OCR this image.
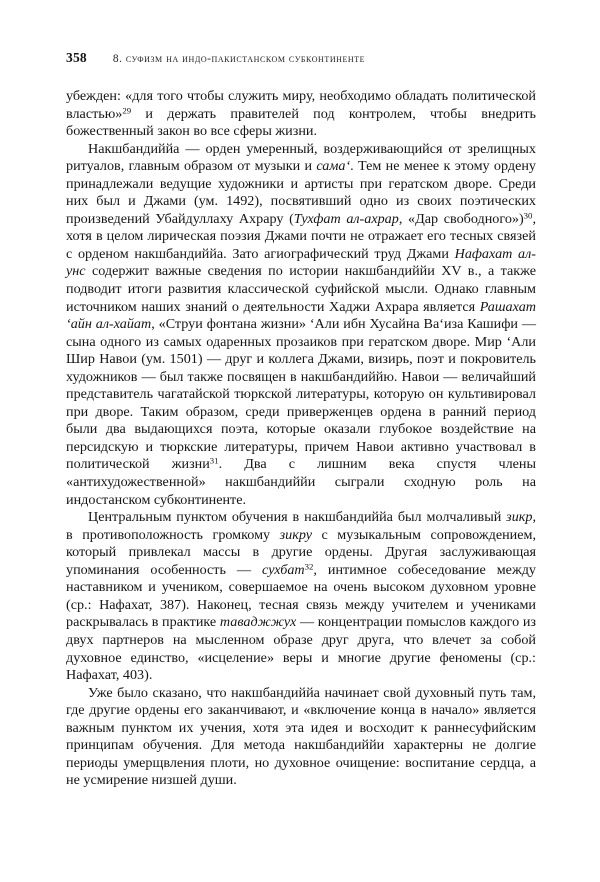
358 8. суфизм на индо-пакистанском субконтиненте

убежден: «для того чтобы служить миру, необходимо обладать политической властью»$^{29}$ и держать правителей под контролем, чтобы внедрить божественный закон во все сферы жизни.

Накшбандиййа — орден умеренный, воздерживающийся от зрелищных ритуалов, главным образом от музыки и сама‘. Тем не менее к этому ордену принадлежали ведущие художники и артисты при гератском дворе. Среди них был и Джами (ум. 1492), посвятивший одно из своих поэтических произведений Убайдуллаху Ахрару (Тухфат ал-ахрар, «Дар свободного»)$^{30}$, хотя в целом лирическая поэзия Джами почти не отражает его тесных связей с орденом накшбандиййа. Зато агиографический труд Джами Нафахат ал-унс содержит важные сведения по истории накшбандиййи XV в., а также подводит итоги развития классической суфийской мысли. Однако главным источником наших знаний о деятельности Хаджи Ахрара является Рашахат ‘айн ал-хайат, «Струи фонтана жизни» ‘Али ибн Хусайна Ва‘иза Кашифи — сына одного из самых одаренных прозаиков при гератском дворе. Мир ‘Али Шир Навои (ум. 1501) — друг и коллега Джами, визирь, поэт и покровитель художников — был также посвящен в накшбандиййю. Навои — величайший представитель чагатайской тюркской литературы, которую он культивировал при дворе. Таким образом, среди приверженцев ордена в ранний период были два выдающихся поэта, которые оказали глубокое воздействие на персидскую и тюркские литературы, причем Навои активно участвовал в политической жизни$^{31}$. Два с лишним века спустя члены «антихудожественной» накшбандиййи сыграли сходную роль на индостанском субконтиненте.

Центральным пунктом обучения в накшбандиййа был молчаливый зикр, в противоположность громкому зикру с музыкальным сопровождением, который привлекал массы в другие ордены. Другая заслуживающая упоминания особенность — сухбат$^{32}$, интимное собеседование между наставником и учеником, совершаемое на очень высоком духовном уровне (ср.: Нафахат, 387). Наконец, тесная связь между учителем и учениками раскрывалась в практике таваджжух — концентрации помыслов каждого из двух партнеров на мысленном образе друг друга, что влечет за собой духовное единство, «исцеление» веры и многие другие феномены (ср.: Нафахат, 403).

Уже было сказано, что накшбандиййа начинает свой духовный путь там, где другие ордены его заканчивают, и «включение конца в начало» является важным пунктом их учения, хотя эта идея и восходит к раннесуфийским принципам обучения. Для метода накшбандиййи характерны не долгие периоды умерщвления плоти, но духовное очищение: воспитание сердца, а не усмирение низшей души.
